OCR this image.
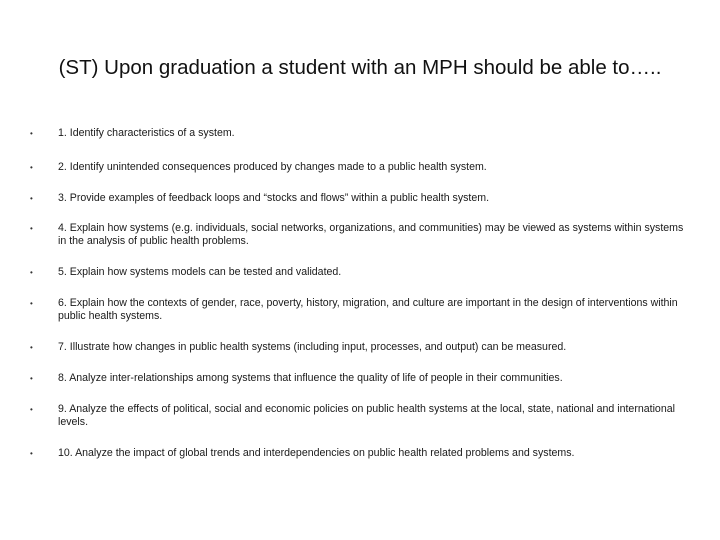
(ST) Upon graduation a student with an MPH should be able to…..
•	1. Identify characteristics of a system.
•	2. Identify unintended consequences produced by changes made to a public health system.
•	3. Provide examples of feedback loops and “stocks and flows” within a public health system.
•	4. Explain how systems (e.g. individuals, social networks, organizations, and communities) may be viewed as systems within systems in the analysis of public health problems.
•	5. Explain how systems models can be tested and validated.
•	6. Explain how the contexts of gender, race, poverty, history, migration, and culture are important in the design of interventions within public health systems.
•	7. Illustrate how changes in public health systems (including input, processes, and output) can be measured.
•	8. Analyze inter-relationships among systems that influence the quality of life of people in their communities.
•	9. Analyze the effects of political, social and economic policies on public health systems at the local, state, national and international levels.
•	10. Analyze the impact of global trends and interdependencies on public health related problems and systems.
